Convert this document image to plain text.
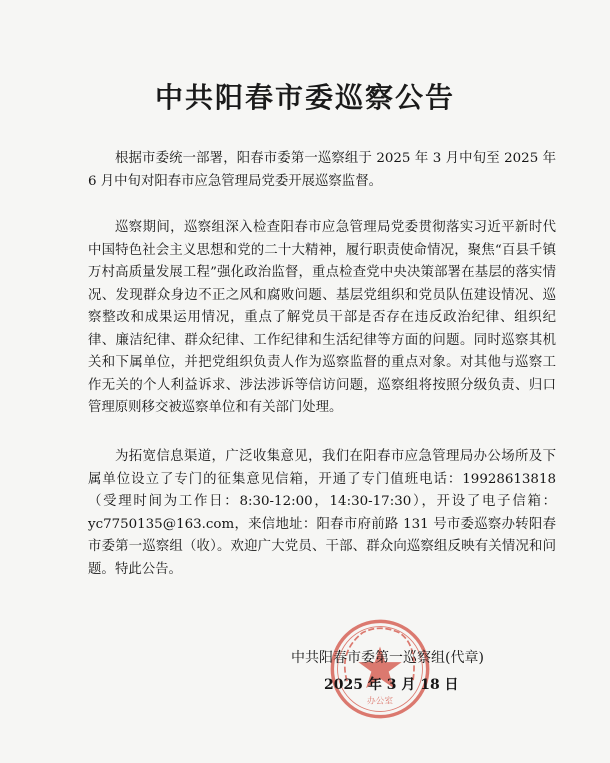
中共阳春市委巡察公告
根据市委统一部署，阳春市委第一巡察组于 2025 年 3 月中旬至 2025 年 6 月中旬对阳春市应急管理局党委开展巡察监督。
巡察期间，巡察组深入检查阳春市应急管理局党委贯彻落实习近平新时代中国特色社会主义思想和党的二十大精神，履行职责使命情况，聚焦“百县千镇万村高质量发展工程”强化政治监督，重点检查党中央决策部署在基层的落实情况、发现群众身边不正之风和腐败问题、基层党组织和党员队伍建设情况、巡察整改和成果运用情况，重点了解党员干部是否存在违反政治纪律、组织纪律、廉洁纪律、群众纪律、工作纪律和生活纪律等方面的问题。同时巡察其机关和下属单位，并把党组织负责人作为巡察监督的重点对象。对其他与巡察工作无关的个人利益诉求、涉法涉诉等信访问题，巡察组将按照分级负责、归口管理原则移交被巡察单位和有关部门处理。
为拓宽信息渠道，广泛收集意见，我们在阳春市应急管理局办公场所及下属单位设立了专门的征集意见信箱，开通了专门值班电话：19928613818（受理时间为工作日：8:30-12:00，14:30-17:30），开设了电子信箱：yc7750135@163.com，来信地址：阳春市府前路 131 号市委巡察办转阳春市委第一巡察组（收）。欢迎广大党员、干部、群众向巡察组反映有关情况和问题。 特此公告。
办公室
中共阳春市委第一巡察组(代章)
2025 年 3 月 18 日
